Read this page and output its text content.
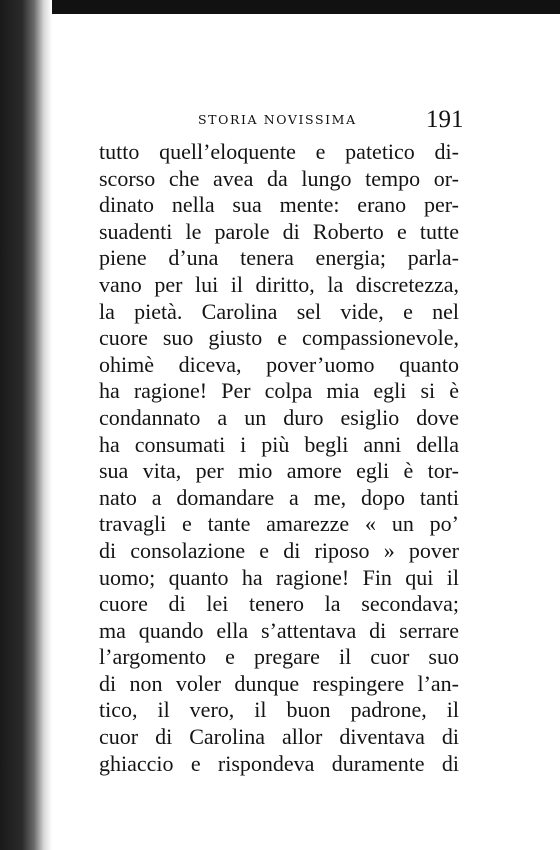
STORIA NOVISSIMA	191
tutto quell’eloquente e patetico di-
scorso che avea da lungo tempo or-
dinato nella sua mente: erano per-
suadenti le parole di Roberto e tutte
piene d’una tenera energia; parla-
vano per lui il diritto, la discretezza,
la pietà. Carolina sel vide, e nel
cuore suo giusto e compassionevole,
ohimè diceva, pover’uomo quanto
ha ragione! Per colpa mia egli si è
condannato a un duro esiglio dove
ha consumati i più begli anni della
sua vita, per mio amore egli è tor-
nato a domandare a me, dopo tanti
travagli e tante amarezze « un po’
di consolazione e di riposo » pover
uomo; quanto ha ragione! Fin qui il
cuore di lei tenero la secondava;
ma quando ella s’attentava di serrare
l’argomento e pregare il cuor suo
di non voler dunque respingere l’an-
tico, il vero, il buon padrone, il
cuor di Carolina allor diventava di
ghiaccio e rispondeva duramente di
